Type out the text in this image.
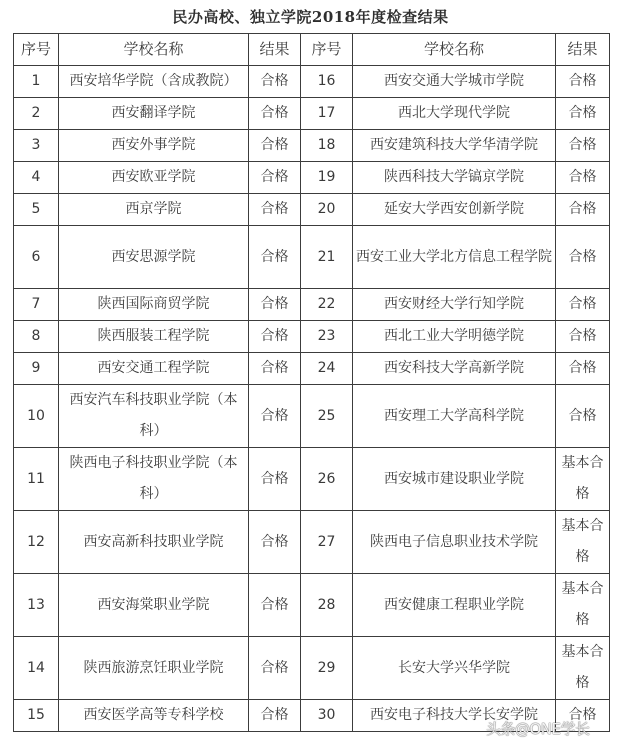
民办高校、独立学院2018年度检查结果
序号	学校名称	结果	序号	学校名称	结果
1	西安培华学院（含成教院）	合格	16	西安交通大学城市学院	合格
2	西安翻译学院	合格	17	西北大学现代学院	合格
3	西安外事学院	合格	18	西安建筑科技大学华清学院	合格
4	西安欧亚学院	合格	19	陕西科技大学镐京学院	合格
5	西京学院	合格	20	延安大学西安创新学院	合格
6	西安思源学院	合格	21	西安工业大学北方信息工程学院	合格
7	陕西国际商贸学院	合格	22	西安财经大学行知学院	合格
8	陕西服装工程学院	合格	23	西北工业大学明德学院	合格
9	西安交通工程学院	合格	24	西安科技大学高新学院	合格
10	西安汽车科技职业学院（本科）	合格	25	西安理工大学高科学院	合格
11	陕西电子科技职业学院（本科）	合格	26	西安城市建设职业学院	基本合格
12	西安高新科技职业学院	合格	27	陕西电子信息职业技术学院	基本合格
13	西安海棠职业学院	合格	28	西安健康工程职业学院	基本合格
14	陕西旅游烹饪职业学院	合格	29	长安大学兴华学院	基本合格
15	西安医学高等专科学校	合格	30	西安电子科技大学长安学院	合格
头条@ONE学长
